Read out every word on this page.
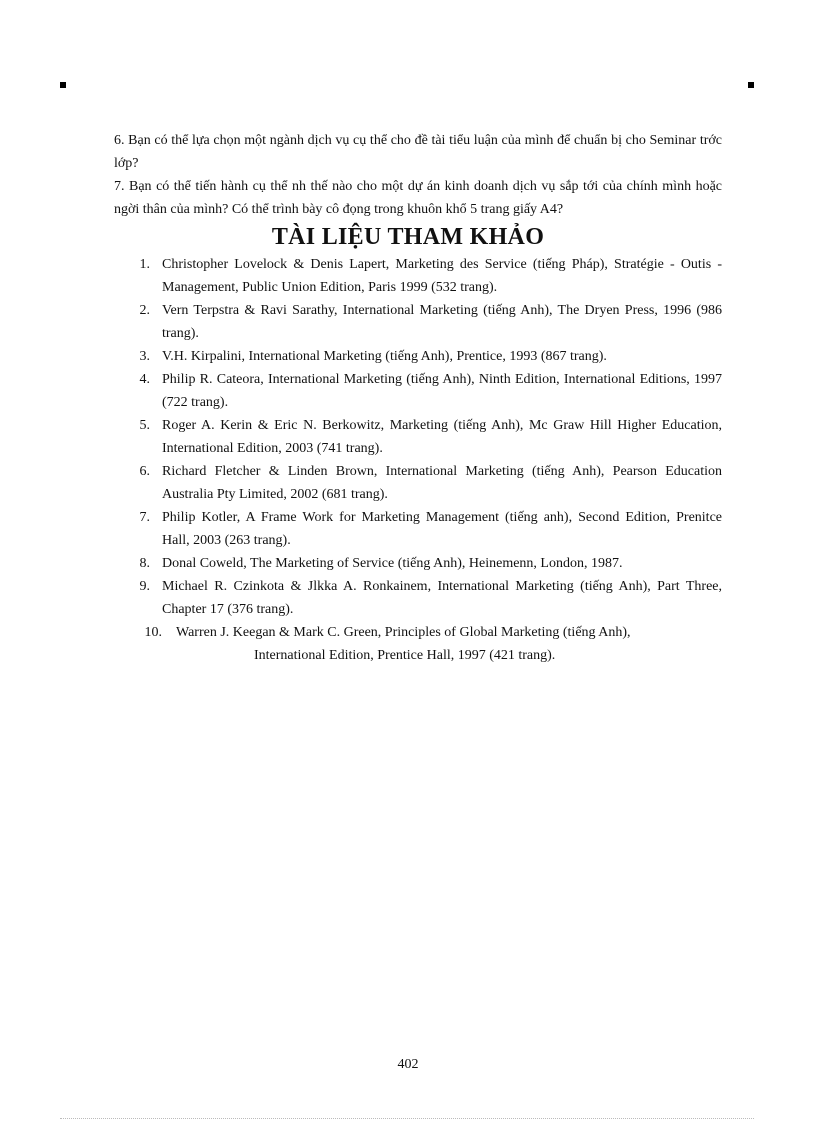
6. Bạn có thể lựa chọn một ngành dịch vụ cụ thể cho đề tài tiểu luận của mình để chuẩn bị cho Seminar trớc lớp?

7. Bạn có thể tiến hành cụ thể nh thế nào cho một dự án kinh doanh dịch vụ sắp tới của chính mình hoặc ngời thân của mình? Có thể trình bày cô đọng trong khuôn khổ 5 trang giấy A4?

TÀI LIỆU THAM KHẢO
1. Christopher Lovelock & Denis Lapert, Marketing des Service (tiếng Pháp), Stratégie - Outis - Management, Public Union Edition, Paris 1999 (532 trang).
2. Vern Terpstra & Ravi Sarathy, International Marketing (tiếng Anh), The Dryen Press, 1996 (986 trang).
3. V.H. Kirpalini, International Marketing (tiếng Anh), Prentice, 1993 (867 trang).
4. Philip R. Cateora, International Marketing (tiếng Anh), Ninth Edition, International Editions, 1997 (722 trang).
5. Roger A. Kerin & Eric N. Berkowitz, Marketing (tiếng Anh), Mc Graw Hill Higher Education, International Edition, 2003 (741 trang).
6. Richard Fletcher & Linden Brown, International Marketing (tiếng Anh), Pearson Education Australia Pty Limited, 2002 (681 trang).
7. Philip Kotler, A Frame Work for Marketing Management (tiếng anh), Second Edition, Prenitce Hall, 2003 (263 trang).
8. Donal Coweld, The Marketing of Service (tiếng Anh), Heinemenn, London, 1987.
9. Michael R. Czinkota & Jlkka A. Ronkainem, International Marketing (tiếng Anh), Part Three, Chapter 17 (376 trang).
10. Warren J. Keegan & Mark C. Green, Principles of Global Marketing (tiếng Anh),
International Edition, Prentice Hall, 1997 (421 trang).
402
